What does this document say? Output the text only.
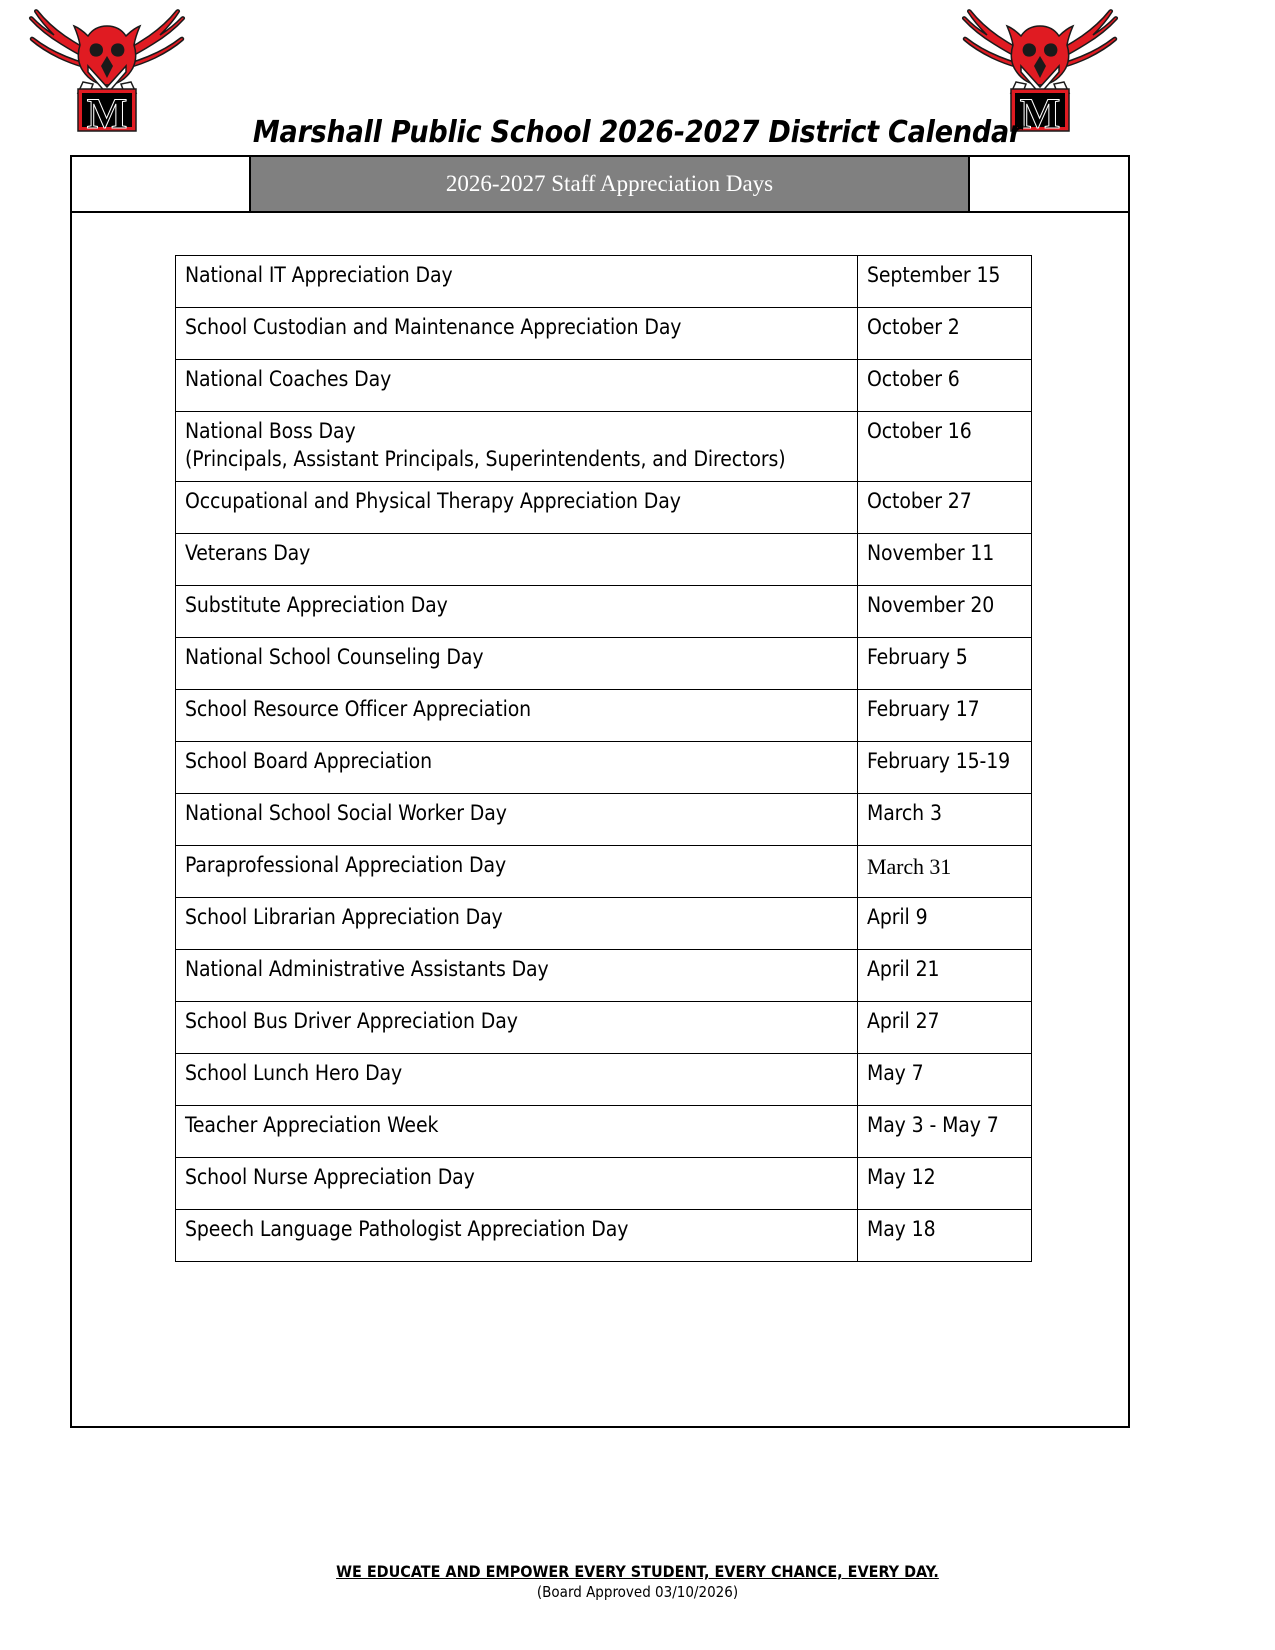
M	M
Marshall Public School 2026-2027 District Calendar
2026-2027 Staff Appreciation Days
National IT Appreciation Day	September 15

School Custodian and Maintenance Appreciation Day	October 2

National Coaches Day	October 6

National Boss Day
(Principals, Assistant Principals, Superintendents, and Directors)	October 16

Occupational and Physical Therapy Appreciation Day	October 27

Veterans Day	November 11

Substitute Appreciation Day	November 20

National School Counseling Day	February 5

School Resource Officer Appreciation	February 17

School Board Appreciation	February 15-19

National School Social Worker Day	March 3

Paraprofessional Appreciation Day	March 31

School Librarian Appreciation Day	April 9

National Administrative Assistants Day	April 21

School Bus Driver Appreciation Day	April 27

School Lunch Hero Day	May 7

Teacher Appreciation Week	May 3 - May 7

School Nurse Appreciation Day	May 12

Speech Language Pathologist Appreciation Day	May 18
WE EDUCATE AND EMPOWER EVERY STUDENT, EVERY CHANCE, EVERY DAY.
(Board Approved 03/10/2026)
